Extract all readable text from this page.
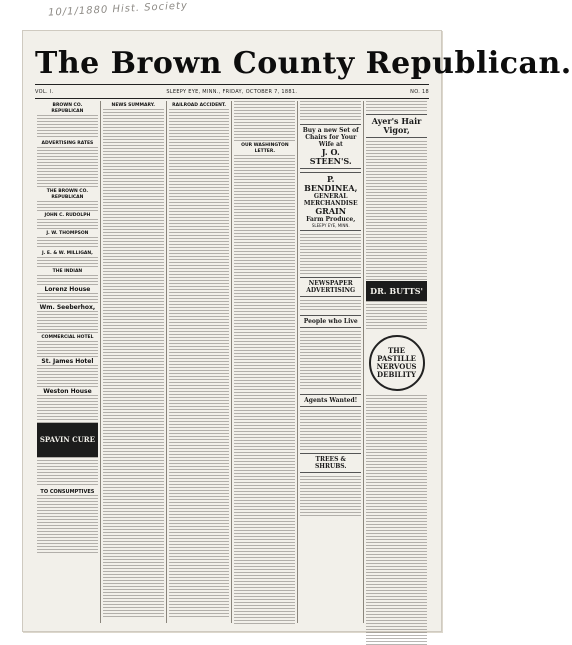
10/1/1880 Hist. Society
The Brown County Republican.
VOL. I.	SLEEPY EYE, MINN., FRIDAY, OCTOBER 7, 1881.	NO. 18
BROWN CO. REPUBLICAN
ADVERTISING RATES
THE BROWN CO. REPUBLICAN
JOHN C. RUDOLPH
J. W. THOMPSON
J. E. & W. MILLIGAN,
THE INDIAN
Lorenz House
Wm. Seeberhox,
COMMERCIAL HOTEL
St. James Hotel
Weston House
SPAVIN CURE
TO CONSUMPTIVES
NEWS SUMMARY.	RAILROAD ACCIDENT.
OUR WASHINGTON LETTER.
Buy a new Set of Chairs for Your Wife at
J. O. STEEN'S.
P. BENDINEA,
GENERAL MERCHANDISE
GRAIN
Farm Produce,
SLEEPY EYE, MINN.
NEWSPAPER ADVERTISING
People who Live
Agents Wanted!
TREES & SHRUBS.
Ayer's Hair Vigor,
DR. BUTTS'
THE PASTILLE NERVOUS DEBILITY
